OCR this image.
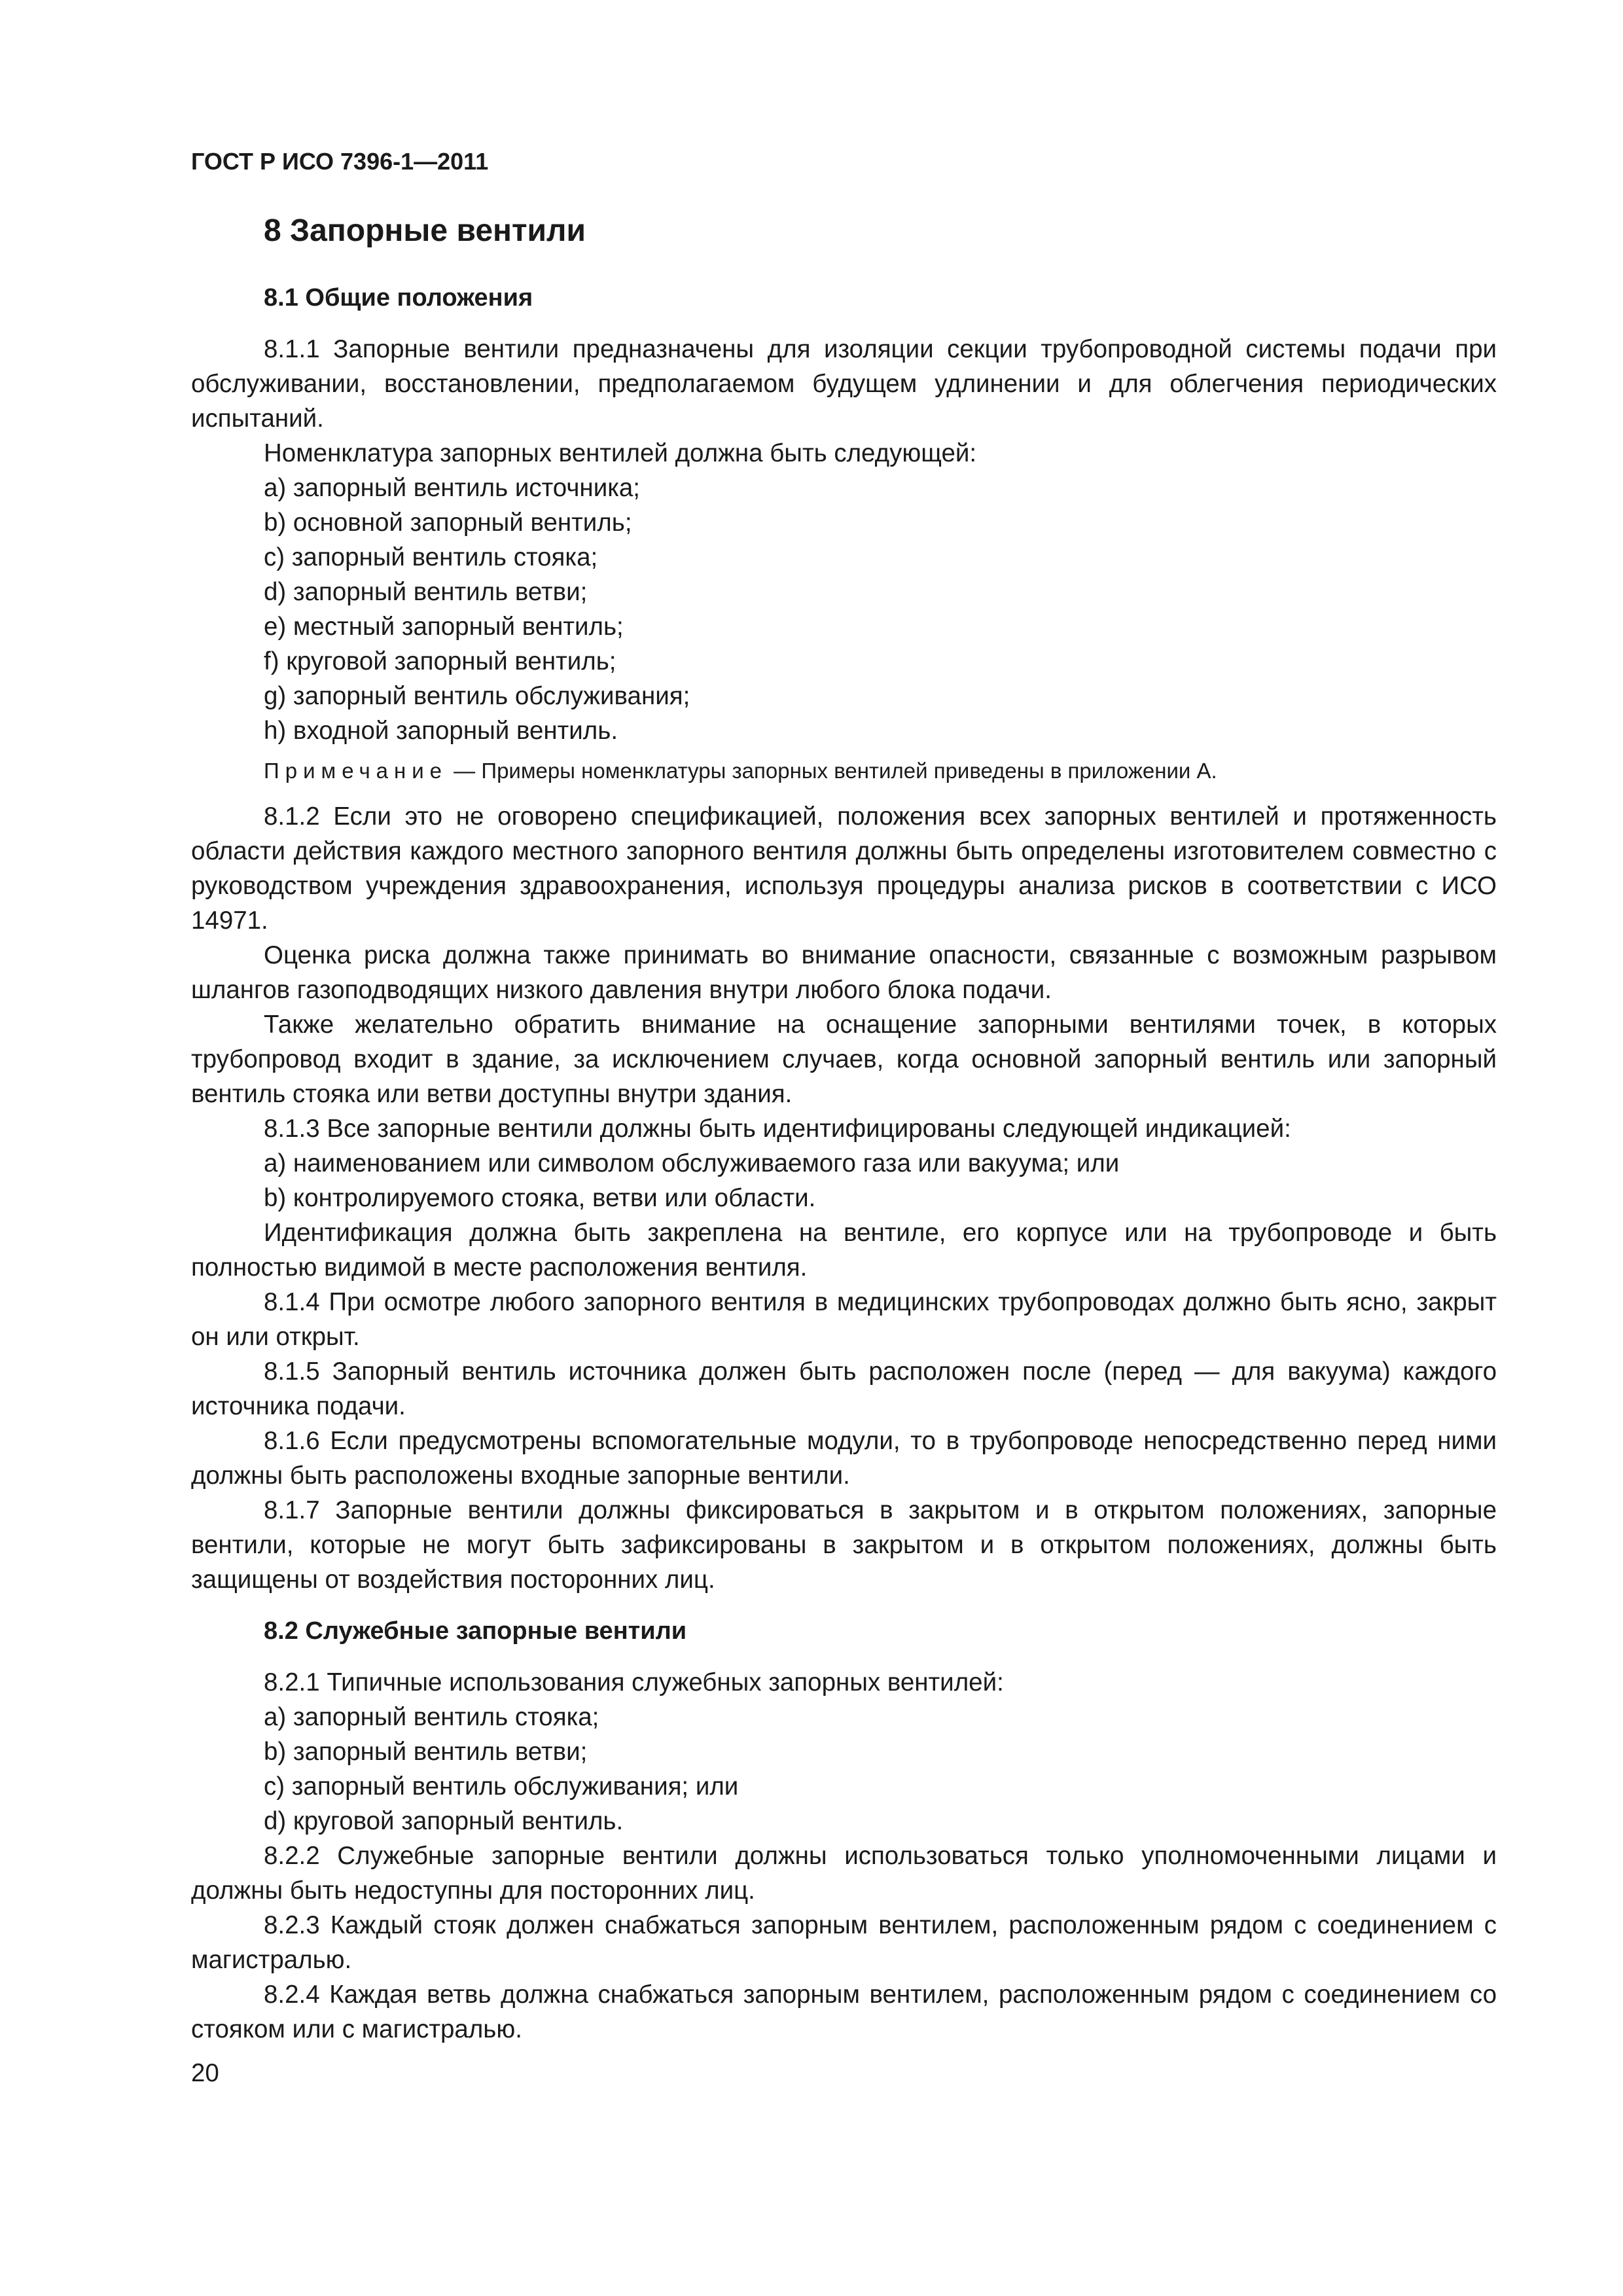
ГОСТ Р ИСО 7396-1—2011
8 Запорные вентили
8.1 Общие положения

8.1.1 Запорные вентили предназначены для изоляции секции трубопроводной системы подачи при обслуживании, восстановлении, предполагаемом будущем удлинении и для облегчения периодических испытаний.

Номенклатура запорных вентилей должна быть следующей:

a) запорный вентиль источника;
b) основной запорный вентиль;
c) запорный вентиль стояка;
d) запорный вентиль ветви;
e) местный запорный вентиль;
f) круговой запорный вентиль;
g) запорный вентиль обслуживания;
h) входной запорный вентиль.
Примечание — Примеры номенклатуры запорных вентилей приведены в приложении А.

8.1.2 Если это не оговорено спецификацией, положения всех запорных вентилей и протяженность области действия каждого местного запорного вентиля должны быть определены изготовителем совместно с руководством учреждения здравоохранения, используя процедуры анализа рисков в соответствии с ИСО 14971.

Оценка риска должна также принимать во внимание опасности, связанные с возможным разрывом шлангов газоподводящих низкого давления внутри любого блока подачи.

Также желательно обратить внимание на оснащение запорными вентилями точек, в которых трубопровод входит в здание, за исключением случаев, когда основной запорный вентиль или запорный вентиль стояка или ветви доступны внутри здания.

8.1.3 Все запорные вентили должны быть идентифицированы следующей индикацией:

a) наименованием или символом обслуживаемого газа или вакуума; или
b) контролируемого стояка, ветви или области.

Идентификация должна быть закреплена на вентиле, его корпусе или на трубопроводе и быть полностью видимой в месте расположения вентиля.

8.1.4 При осмотре любого запорного вентиля в медицинских трубопроводах должно быть ясно, закрыт он или открыт.

8.1.5 Запорный вентиль источника должен быть расположен после (перед — для вакуума) каждого источника подачи.

8.1.6 Если предусмотрены вспомогательные модули, то в трубопроводе непосредственно перед ними должны быть расположены входные запорные вентили.

8.1.7 Запорные вентили должны фиксироваться в закрытом и в открытом положениях, запорные вентили, которые не могут быть зафиксированы в закрытом и в открытом положениях, должны быть защищены от воздействия посторонних лиц.

8.2 Служебные запорные вентили

8.2.1 Типичные использования служебных запорных вентилей:

a) запорный вентиль стояка;
b) запорный вентиль ветви;
c) запорный вентиль обслуживания; или
d) круговой запорный вентиль.

8.2.2 Служебные запорные вентили должны использоваться только уполномоченными лицами и должны быть недоступны для посторонних лиц.

8.2.3 Каждый стояк должен снабжаться запорным вентилем, расположенным рядом с соединением с магистралью.

8.2.4 Каждая ветвь должна снабжаться запорным вентилем, расположенным рядом с соединением со стояком или с магистралью.

20
